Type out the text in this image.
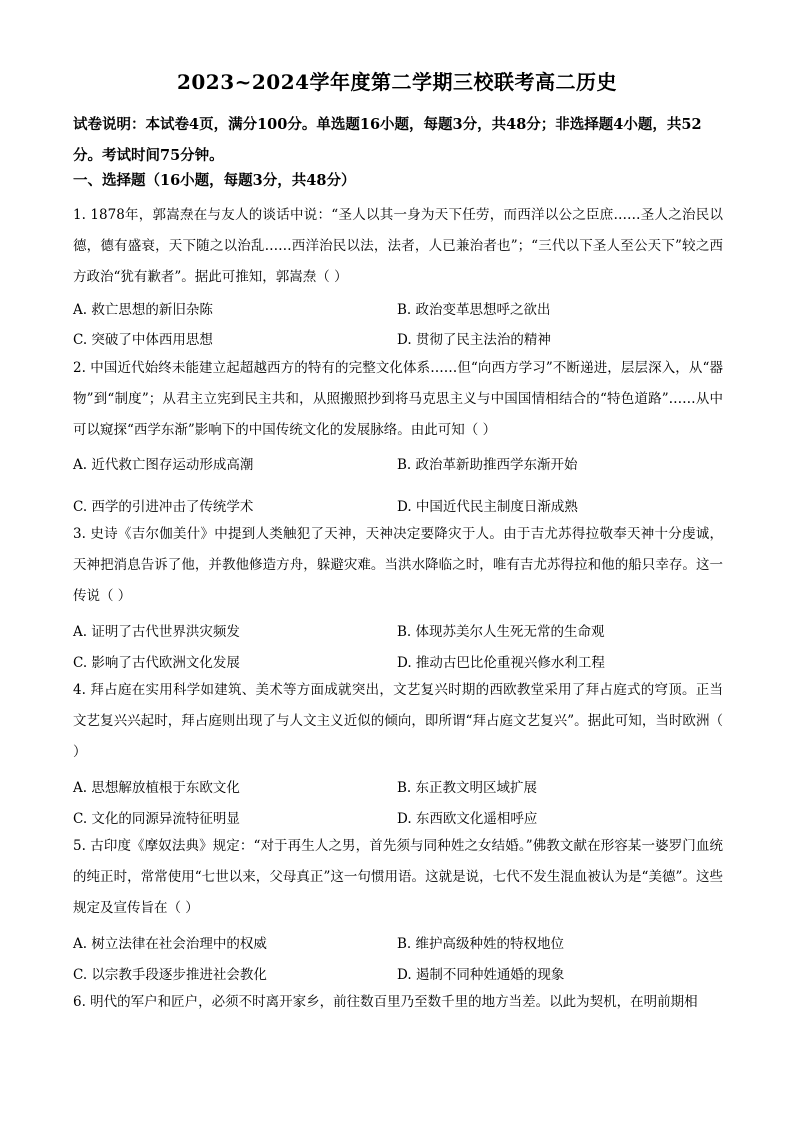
2023~2024学年度第二学期三校联考高二历史
试卷说明：本试卷4页，满分100分。单选题16小题，每题3分，共48分；非选择题4小题，共52分。考试时间75分钟。
一、选择题（16小题，每题3分，共48分）
1. 1878年，郭嵩焘在与友人的谈话中说：“圣人以其一身为天下任劳，而西洋以公之臣庶……圣人之治民以德，德有盛衰，天下随之以治乱……西洋治民以法，法者，人已兼治者也”；“三代以下圣人至公天下”较之西方政治“犹有歉者”。据此可推知，郭嵩焘（ ）
A. 救亡思想的新旧杂陈	B. 政治变革思想呼之欲出
C. 突破了中体西用思想	D. 贯彻了民主法治的精神
2. 中国近代始终未能建立起超越西方的特有的完整文化体系……但“向西方学习”不断递进，层层深入，从“器物”到“制度”；从君主立宪到民主共和，从照搬照抄到将马克思主义与中国国情相结合的“特色道路”……从中可以窥探“西学东渐”影响下的中国传统文化的发展脉络。由此可知（ ）
A. 近代救亡图存运动形成高潮	B. 政治革新助推西学东渐开始
C. 西学的引进冲击了传统学术	D. 中国近代民主制度日渐成熟
3. 史诗《吉尔伽美什》中提到人类触犯了天神，天神决定要降灾于人。由于吉尤苏得拉敬奉天神十分虔诚，天神把消息告诉了他，并教他修造方舟，躲避灾难。当洪水降临之时，唯有吉尤苏得拉和他的船只幸存。这一传说（ ）
A. 证明了古代世界洪灾频发	B. 体现苏美尔人生死无常的生命观
C. 影响了古代欧洲文化发展	D. 推动古巴比伦重视兴修水利工程
4. 拜占庭在实用科学如建筑、美术等方面成就突出，文艺复兴时期的西欧教堂采用了拜占庭式的穹顶。正当文艺复兴兴起时，拜占庭则出现了与人文主义近似的倾向，即所谓“拜占庭文艺复兴”。据此可知，当时欧洲（ ）
A. 思想解放植根于东欧文化	B. 东正教文明区域扩展
C. 文化的同源异流特征明显	D. 东西欧文化遥相呼应
5. 古印度《摩奴法典》规定：“对于再生人之男，首先须与同种姓之女结婚。”佛教文献在形容某一婆罗门血统的纯正时，常常使用“七世以来，父母真正”这一句惯用语。这就是说，七代不发生混血被认为是“美德”。这些规定及宣传旨在（ ）
A. 树立法律在社会治理中的权威	B. 维护高级种姓的特权地位
C. 以宗教手段逐步推进社会教化	D. 遏制不同种姓通婚的现象
6. 明代的军户和匠户，必须不时离开家乡，前往数百里乃至数千里的地方当差。以此为契机，在明前期相
